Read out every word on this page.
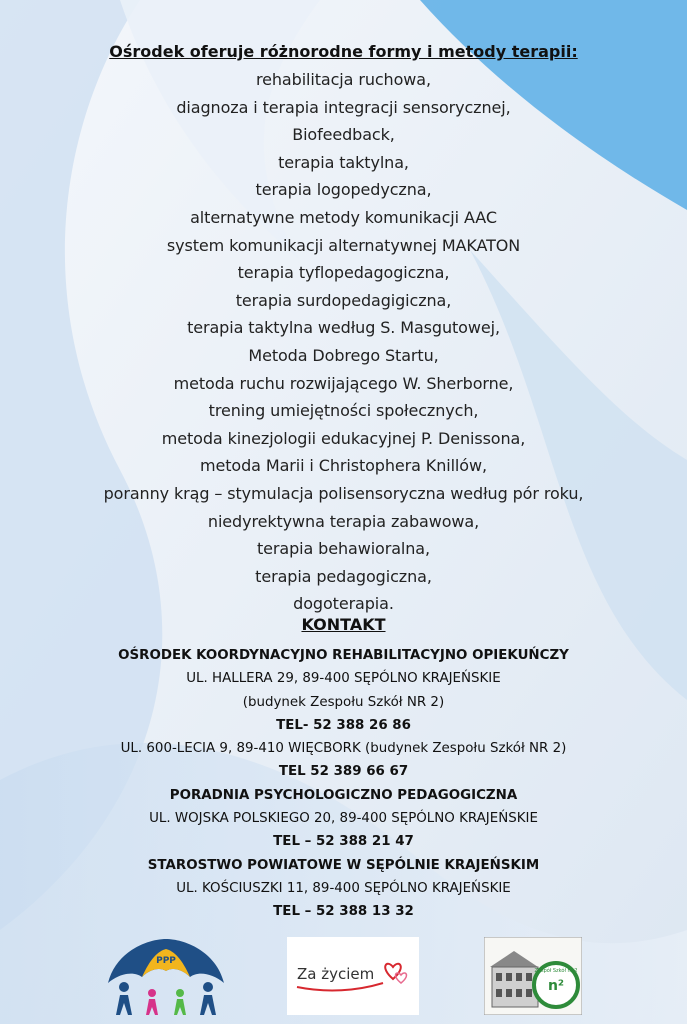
Ośrodek oferuje różnorodne formy i metody terapii:
rehabilitacja ruchowa,
diagnoza i terapia integracji sensorycznej,
Biofeedback,
terapia taktylna,
terapia logopedyczna,
alternatywne metody komunikacji AAC
system komunikacji alternatywnej MAKATON
terapia tyflopedagogiczna,
terapia surdopedagigiczna,
terapia taktylna według S. Masgutowej,
Metoda Dobrego Startu,
metoda ruchu rozwijającego W. Sherborne,
trening umiejętności społecznych,
metoda kinezjologii edukacyjnej P. Denissona,
metoda Marii i Christophera Knillów,
poranny krąg – stymulacja polisensoryczna według pór roku,
niedyrektywna terapia zabawowa,
terapia behawioralna,
terapia pedagogiczna,
dogoterapia.
KONTAKT
OŚRODEK KOORDYNACYJNO REHABILITACYJNO OPIEKUŃCZY
UL. HALLERA 29, 89-400 SĘPÓLNO KRAJEŃSKIE
(budynek Zespołu Szkół NR 2)
TEL- 52 388 26 86
UL. 600-LECIA 9, 89-410 WIĘCBORK (budynek Zespołu Szkół NR 2)
TEL 52 389 66 67
PORADNIA PSYCHOLOGICZNO PEDAGOGICZNA
UL. WOJSKA POLSKIEGO 20, 89-400 SĘPÓLNO KRAJEŃSKIE
TEL – 52 388 21 47
STAROSTWO POWIATOWE W SĘPÓLNIE KRAJEŃSKIM
UL. KOŚCIUSZKI 11, 89-400 SĘPÓLNO KRAJEŃSKIE
TEL – 52 388 13 32
PPP
Za życiem
n²
Zespół Szkół nr 2
